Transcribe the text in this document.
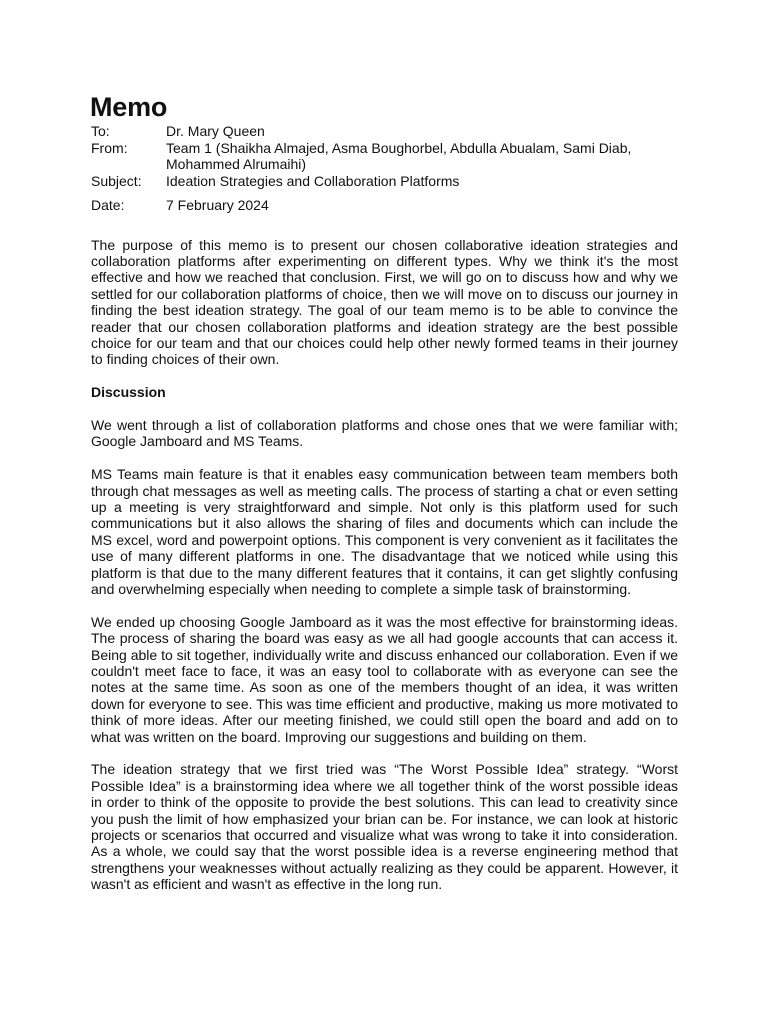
Memo
To:	Dr. Mary Queen
From:	Team 1 (Shaikha Almajed, Asma Boughorbel, Abdulla Abualam, Sami Diab, Mohammed Alrumaihi)
Subject:	Ideation Strategies and Collaboration Platforms
Date:	7 February 2024

The purpose of this memo is to present our chosen collaborative ideation strategies and collaboration platforms after experimenting on different types. Why we think it's the most effective and how we reached that conclusion. First, we will go on to discuss how and why we settled for our collaboration platforms of choice, then we will move on to discuss our journey in finding the best ideation strategy. The goal of our team memo is to be able to convince the reader that our chosen collaboration platforms and ideation strategy are the best possible choice for our team and that our choices could help other newly formed teams in their journey to finding choices of their own.

Discussion

We went through a list of collaboration platforms and chose ones that we were familiar with; Google Jamboard and MS Teams.

MS Teams main feature is that it enables easy communication between team members both through chat messages as well as meeting calls. The process of starting a chat or even setting up a meeting is very straightforward and simple. Not only is this platform used for such communications but it also allows the sharing of files and documents which can include the MS excel, word and powerpoint options. This component is very convenient as it facilitates the use of many different platforms in one. The disadvantage that we noticed while using this platform is that due to the many different features that it contains, it can get slightly confusing and overwhelming especially when needing to complete a simple task of brainstorming.

We ended up choosing Google Jamboard as it was the most effective for brainstorming ideas. The process of sharing the board was easy as we all had google accounts that can access it. Being able to sit together, individually write and discuss enhanced our collaboration. Even if we couldn't meet face to face, it was an easy tool to collaborate with as everyone can see the notes at the same time. As soon as one of the members thought of an idea, it was written down for everyone to see. This was time efficient and productive, making us more motivated to think of more ideas. After our meeting finished, we could still open the board and add on to what was written on the board. Improving our suggestions and building on them.

The ideation strategy that we first tried was “The Worst Possible Idea” strategy. “Worst Possible Idea” is a brainstorming idea where we all together think of the worst possible ideas in order to think of the opposite to provide the best solutions. This can lead to creativity since you push the limit of how emphasized your brian can be. For instance, we can look at historic projects or scenarios that occurred and visualize what was wrong to take it into consideration. As a whole, we could say that the worst possible idea is a reverse engineering method that strengthens your weaknesses without actually realizing as they could be apparent. However, it wasn't as efficient and wasn't as effective in the long run.
